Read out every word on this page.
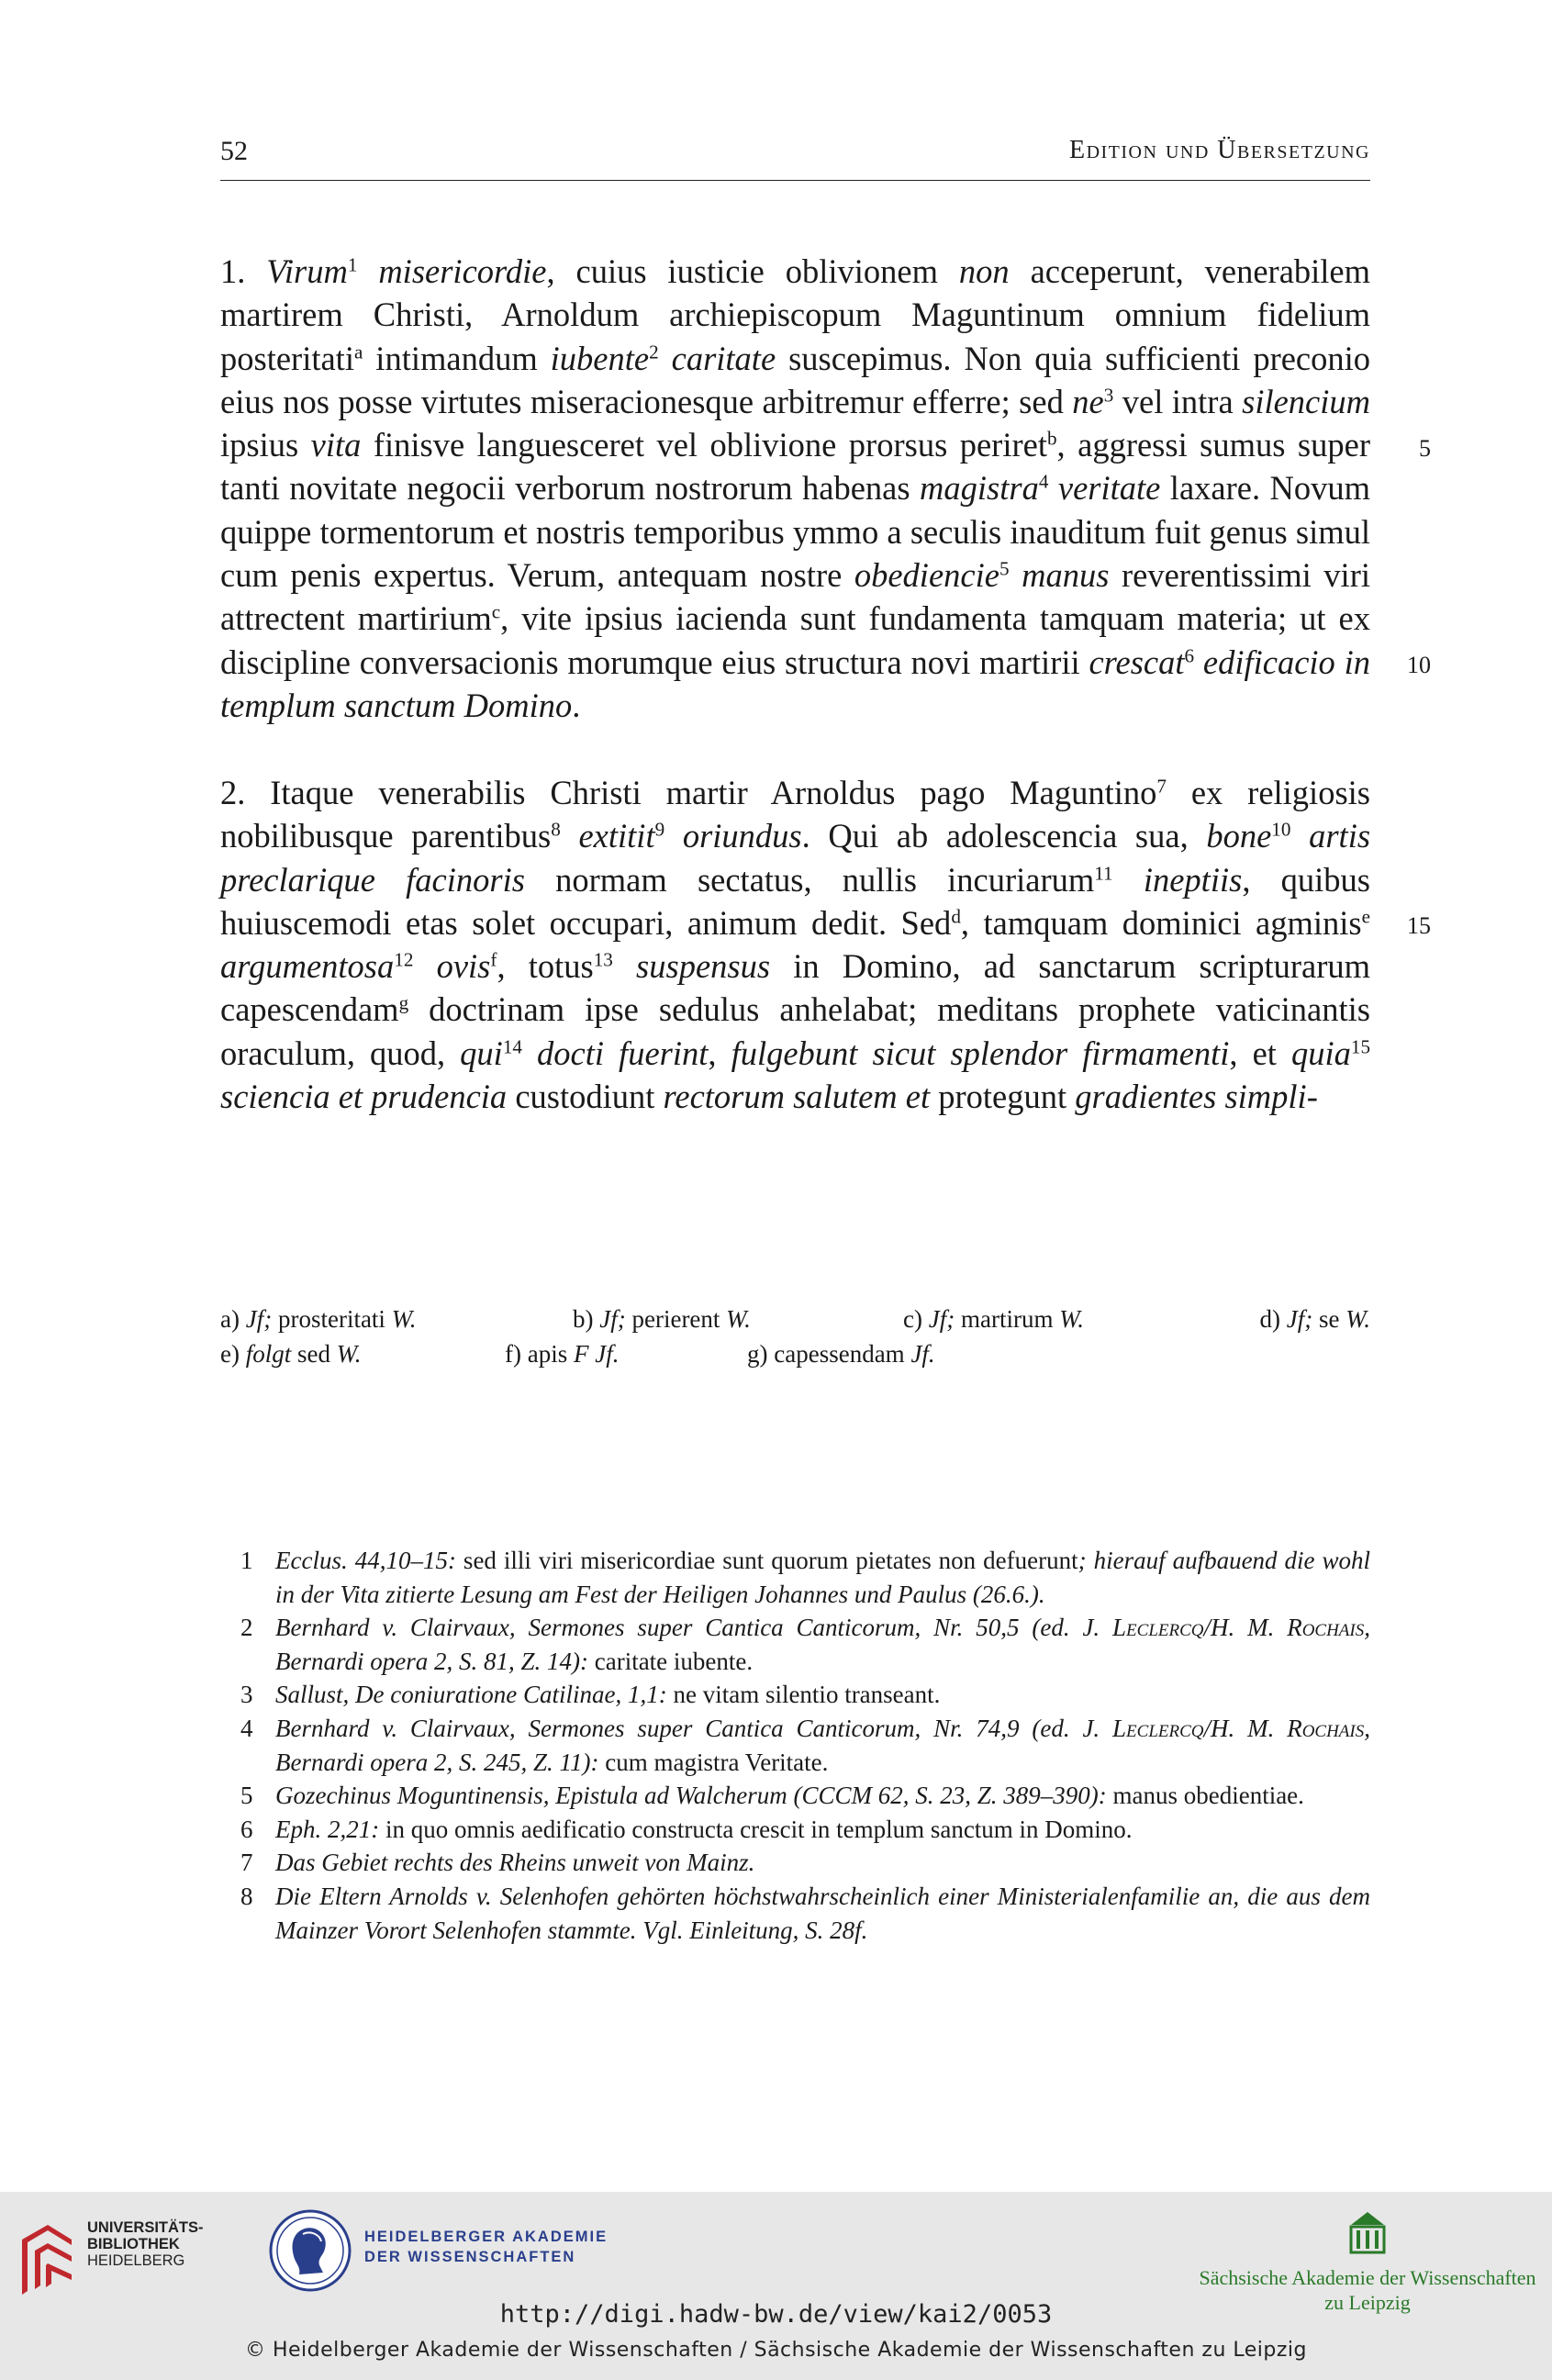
52	Edition und Übersetzung

1. Virum$^1$ misericordie, cuius iusticie oblivionem non acceperunt, venerabilem martirem Christi, Arnoldum archiepiscopum Maguntinum omnium fidelium posteritati$^a$ intimandum iubente$^2$ caritate suscepimus. Non quia sufficienti preconio eius nos posse virtutes miseracionesque arbitremur efferre; sed $ne^3$ vel intra silencium ipsius vita finisve languesceret vel oblivione prorsus periret$^b$, aggressi sumus super tanti novitate negocii verborum nostrorum habenas magistra$^4$ veritate laxare. Novum quippe tormentorum et nostris temporibus ymmo a seculis inauditum fuit genus simul cum penis expertus. Verum, antequam nostre obediencie$^5$ manus reverentissimi viri attrectent martirium$^c$, vite ipsius iacienda sunt fundamenta tamquam materia; ut ex discipline conversacionis morumque eius structura novi martirii crescat$^6$ edificacio in templum sanctum Domino.

5
10
15

2. Itaque venerabilis Christi martir Arnoldus pago Maguntino$^7$ ex religiosis nobilibusque parentibus$^8$ extitit$^9$ oriundus. Qui ab adolescencia sua, bone$^{10}$ artis preclarique facinoris normam sectatus, nullis incuriarum$^{11}$ ineptiis, quibus huiuscemodi etas solet occupari, animum dedit. Sed$^d$, tamquam dominici agminis$^e$ argumentosa$^{12}$ ovis$^f$, totus$^{13}$ suspensus in Domino, ad sanctarum scripturarum capescendam$^g$ doctrinam ipse sedulus anhelabat; meditans prophete vaticinantis oraculum, quod, qui$^{14}$ docti fuerint, fulgebunt sicut splendor firmamenti, et quia$^{15}$ sciencia et prudencia custodiunt rectorum salutem et protegunt gradientes simpli-

a) Jf; prosteritati W.	b) Jf; perierent W.	c) Jf; martirum W.	d) Jf; se W.
e) folgt sed W.	f) apis F Jf.	g) capessendam Jf.
1 Ecclus. 44,10–15: sed illi viri misericordiae sunt quorum pietates non defuerunt; hierauf aufbauend die wohl in der Vita zitierte Lesung am Fest der Heiligen Johannes und Paulus (26.6.).
2 Bernhard v. Clairvaux, Sermones super Cantica Canticorum, Nr. 50,5 (ed. J. Leclercq/H. M. Rochais, Bernardi opera 2, S. 81, Z. 14): caritate iubente.
3 Sallust, De coniuratione Catilinae, 1,1: ne vitam silentio transeant.
4 Bernhard v. Clairvaux, Sermones super Cantica Canticorum, Nr. 74,9 (ed. J. Leclercq/H. M. Rochais, Bernardi opera 2, S. 245, Z. 11): cum magistra Veritate.
5 Gozechinus Moguntinensis, Epistula ad Walcherum (CCCM 62, S. 23, Z. 389–390): manus obedientiae.
6 Eph. 2,21: in quo omnis aedificatio constructa crescit in templum sanctum in Domino.
7 Das Gebiet rechts des Rheins unweit von Mainz.
8 Die Eltern Arnolds v. Selenhofen gehörten höchstwahrscheinlich einer Ministerialenfamilie an, die aus dem Mainzer Vorort Selenhofen stammte. Vgl. Einleitung, S. 28f.
UNIVERSITÄTS-
BIBLIOTHEK
HEIDELBERG
HEIDELBERGER AKADEMIE
DER WISSENSCHAFTEN
Sächsische Akademie der Wissenschaften
zu Leipzig
http://digi.hadw-bw.de/view/kai2/0053
© Heidelberger Akademie der Wissenschaften / Sächsische Akademie der Wissenschaften zu Leipzig
